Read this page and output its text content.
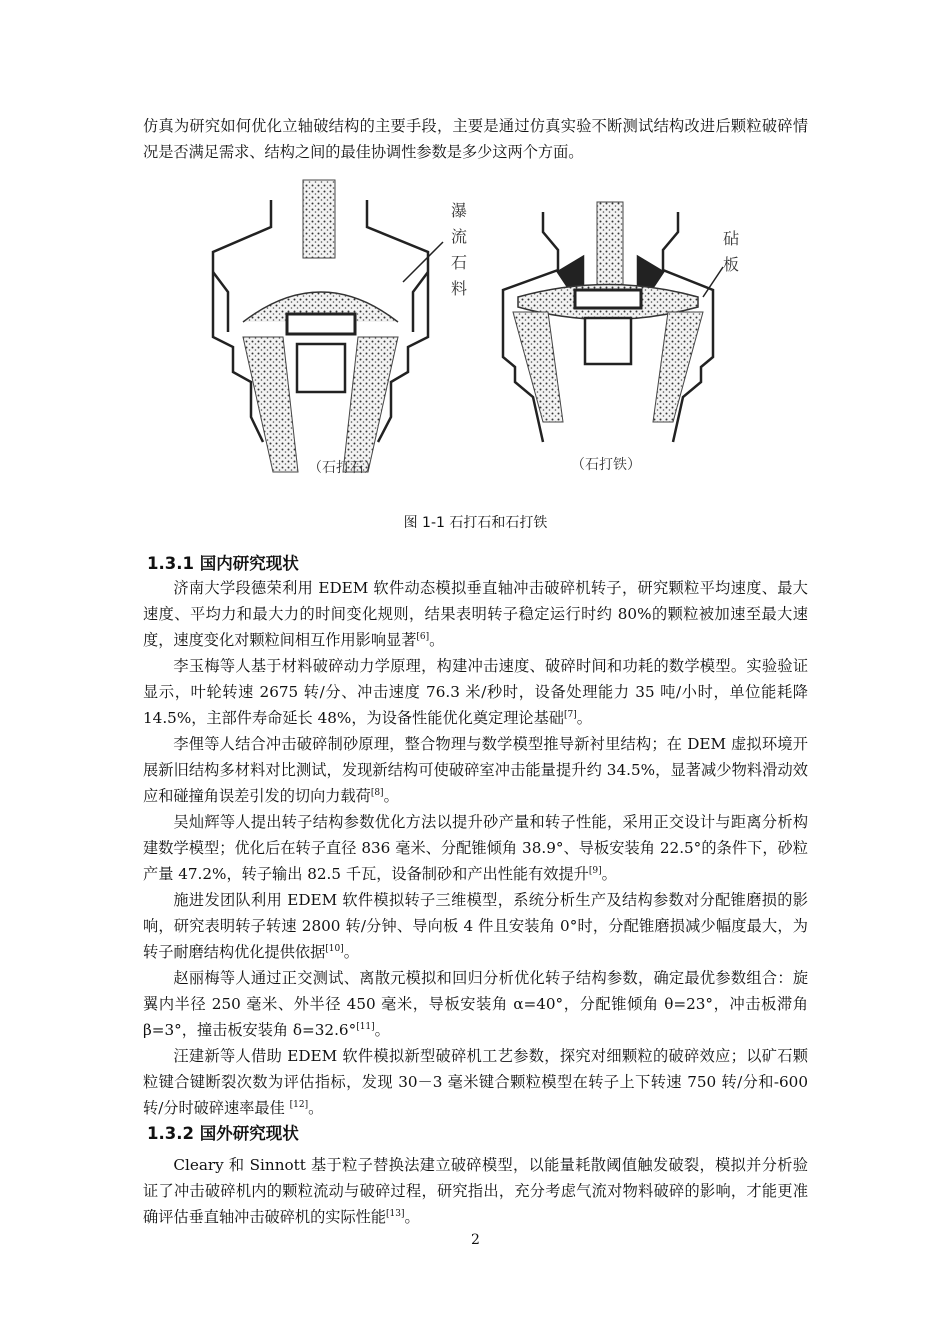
仿真为研究如何优化立轴破结构的主要手段，主要是通过仿真实验不断测试结构改进后颗粒破碎情况是否满足需求、结构之间的最佳协调性参数是多少这两个方面。

瀑
流
石
料
（石打石）
砧
板
（石打铁）
图 1-1 石打石和石打铁
1.3.1 国内研究现状

济南大学段德荣利用 EDEM 软件动态模拟垂直轴冲击破碎机转子，研究颗粒平均速度、最大速度、平均力和最大力的时间变化规则，结果表明转子稳定运行时约 80%的颗粒被加速至最大速度，速度变化对颗粒间相互作用影响显著[6]。

李玉梅等人基于材料破碎动力学原理，构建冲击速度、破碎时间和功耗的数学模型。实验验证显示，叶轮转速 2675 转/分、冲击速度 76.3 米/秒时，设备处理能力 35 吨/小时，单位能耗降 14.5%，主部件寿命延长 48%，为设备性能优化奠定理论基础[7]。

李俚等人结合冲击破碎制砂原理，整合物理与数学模型推导新衬里结构；在 DEM 虚拟环境开展新旧结构多材料对比测试，发现新结构可使破碎室冲击能量提升约 34.5%，显著减少物料滑动效应和碰撞角误差引发的切向力载荷[8]。

吴灿辉等人提出转子结构参数优化方法以提升砂产量和转子性能，采用正交设计与距离分析构建数学模型；优化后在转子直径 836 毫米、分配锥倾角 38.9°、导板安装角 22.5°的条件下，砂粒产量 47.2%，转子输出 82.5 千瓦，设备制砂和产出性能有效提升[9]。

施进发团队利用 EDEM 软件模拟转子三维模型，系统分析生产及结构参数对分配锥磨损的影响，研究表明转子转速 2800 转/分钟、导向板 4 件且安装角 0°时，分配锥磨损减少幅度最大，为转子耐磨结构优化提供依据[10]。

赵丽梅等人通过正交测试、离散元模拟和回归分析优化转子结构参数，确定最优参数组合：旋翼内半径 250 毫米、外半径 450 毫米，导板安装角 α=40°，分配锥倾角 θ=23°，冲击板滞角 β=3°，撞击板安装角 δ=32.6°[11]。

汪建新等人借助 EDEM 软件模拟新型破碎机工艺参数，探究对细颗粒的破碎效应；以矿石颗粒键合键断裂次数为评估指标，发现 30－3 毫米键合颗粒模型在转子上下转速 750 转/分和-600 转/分时破碎速率最佳 [12]。

1.3.2 国外研究现状

Cleary 和 Sinnott 基于粒子替换法建立破碎模型，以能量耗散阈值触发破裂，模拟并分析验证了冲击破碎机内的颗粒流动与破碎过程，研究指出，充分考虑气流对物料破碎的影响，才能更准确评估垂直轴冲击破碎机的实际性能[13]。

2
